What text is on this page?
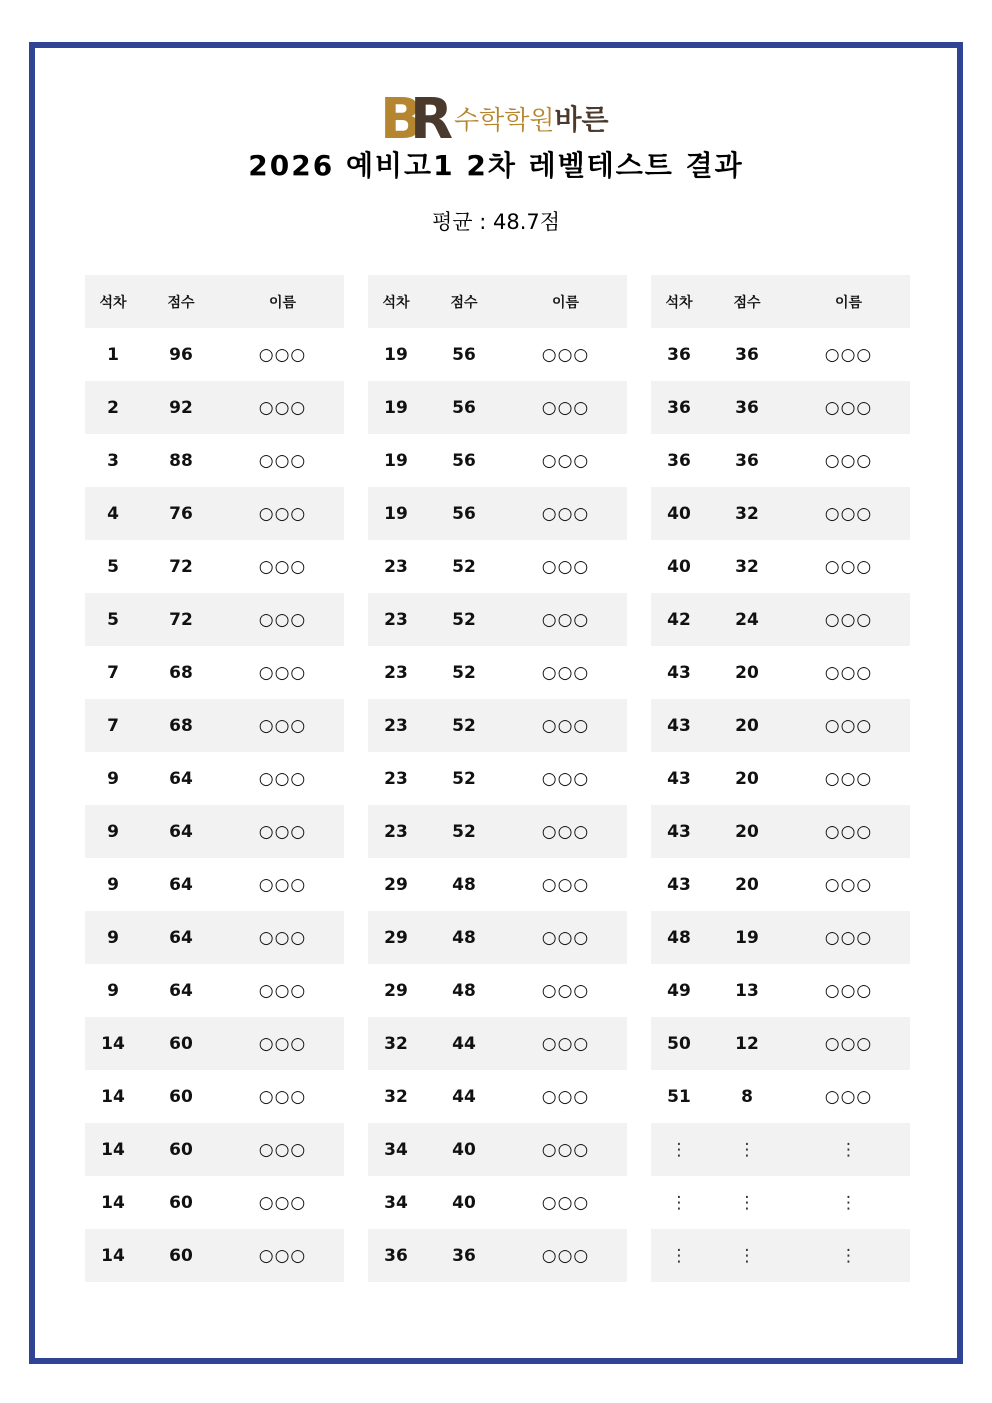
B
R 수학학원바른
2026 예비고1 2차 레벨테스트 결과
평균 : 48.7점
석차	점수	이름
1	96	○○○
2	92	○○○
3	88	○○○
4	76	○○○
5	72	○○○
5	72	○○○
7	68	○○○
7	68	○○○
9	64	○○○
9	64	○○○
9	64	○○○
9	64	○○○
9	64	○○○
14	60	○○○
14	60	○○○
14	60	○○○
14	60	○○○
14	60	○○○
석차	점수	이름
19	56	○○○
19	56	○○○
19	56	○○○
19	56	○○○
23	52	○○○
23	52	○○○
23	52	○○○
23	52	○○○
23	52	○○○
23	52	○○○
29	48	○○○
29	48	○○○
29	48	○○○
32	44	○○○
32	44	○○○
34	40	○○○
34	40	○○○
36	36	○○○
석차	점수	이름
36	36	○○○
36	36	○○○
36	36	○○○
40	32	○○○
40	32	○○○
42	24	○○○
43	20	○○○
43	20	○○○
43	20	○○○
43	20	○○○
43	20	○○○
48	19	○○○
49	13	○○○
50	12	○○○
51	8	○○○
⋮	⋮	⋮
⋮	⋮	⋮
⋮	⋮	⋮
